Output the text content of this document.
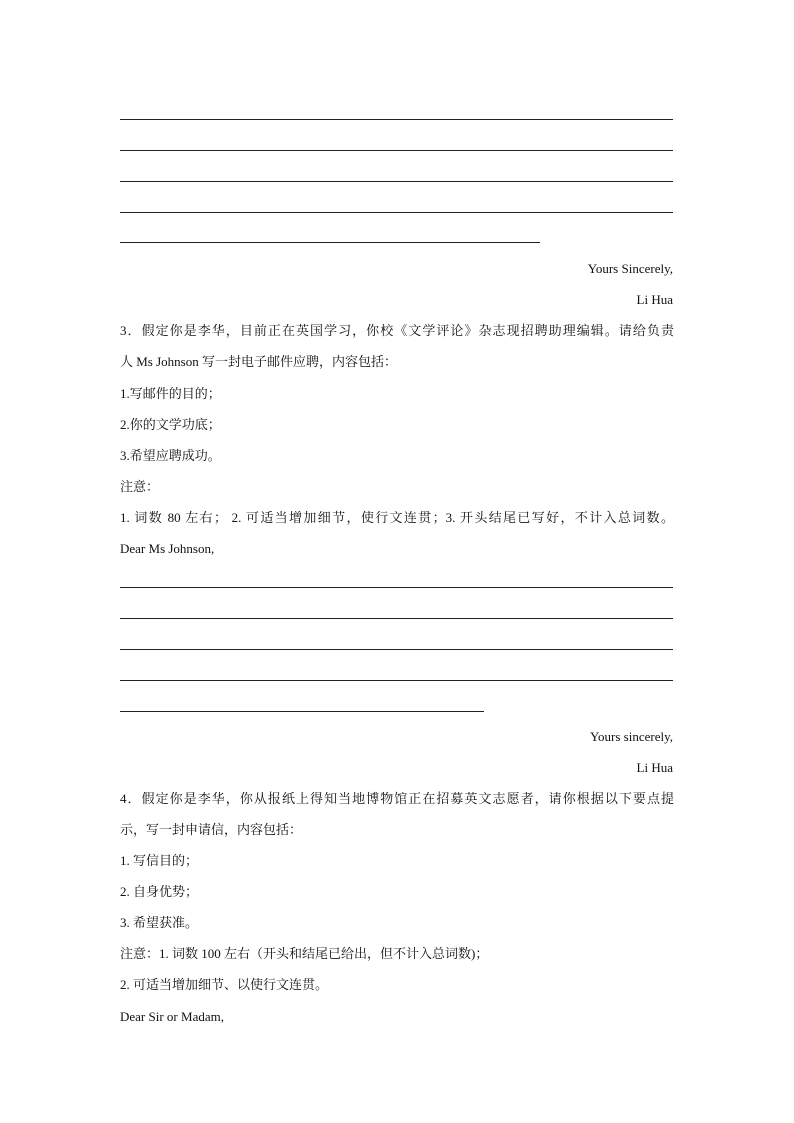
Yours Sincerely,
Li Hua
3．假定你是李华，目前正在英国学习，你校《文学评论》杂志现招聘助理编辑。请给负责
人 Ms Johnson 写一封电子邮件应聘，内容包括：
1.写邮件的目的；
2.你的文学功底；
3.希望应聘成功。
注意：
1. 词数 80 左右； 2. 可适当增加细节，使行文连贯；3. 开头结尾已写好，不计入总词数。
Dear Ms Johnson,
Yours sincerely,
Li Hua
4．假定你是李华，你从报纸上得知当地博物馆正在招募英文志愿者，请你根据以下要点提
示，写一封申请信，内容包括：
1. 写信目的；
2. 自身优势；
3. 希望获准。
注意：1. 词数 100 左右（开头和结尾已给出，但不计入总词数)；
2. 可适当增加细节、以使行文连贯。
Dear Sir or Madam,
